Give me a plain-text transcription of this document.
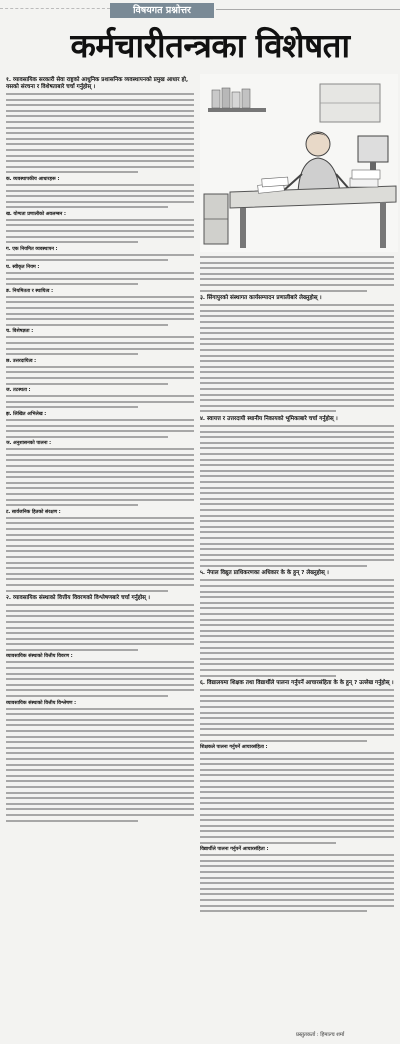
विषयगत प्रश्नोत्तर
कर्मचारीतन्त्रका विशेषता
१. व्यावसायिक सरकारी सेवा राष्ट्रको आधुनिक प्रशासनिक व्यवस्थापनको प्रमुख आधार हो, यसको संरचना र विशेषताबारे चर्चा गर्नुहोस् ।
क. व्यवस्थापकीय आधारहरू :
ख. योग्यता प्रणालीको अवलम्बन :
ग. एक नियमित व्यवस्थापन :
घ. स्वीकृत नियम :
ङ. नियमितता र स्थायित्व :
च. विशेषज्ञता :
छ. उत्तरदायित्व :
ज. तटस्थता :
झ. लिखित अभिलेख :
ञ. अनुशासनको पालना :
ट. सार्वजनिक हितको संरक्षण :
२. व्यावसायिक संस्थाको वित्तीय विवरणको विश्लेषणबारे चर्चा गर्नुहोस् ।
व्यावसायिक संस्थाको वित्तीय विवरण :
व्यावसायिक संस्थाको वित्तीय विश्लेषण :
३. सिंगापुरको संस्थागत कार्यसम्पादन प्रणालीबारे लेख्नुहोस् ।
४. स्वायत्त र उत्तरदायी स्थानीय निकायको भूमिकाबारे चर्चा गर्नुहोस् ।
५. नेपाल विद्युत प्राधिकरणका अधिकार के के हुन् ? लेख्नुहोस् ।
६. विद्यालयमा शिक्षक तथा विद्यार्थीले पालना गर्नुपर्ने आचारसंहिता के के हुन् ? उल्लेख गर्नुहोस् ।
शिक्षकले पालना गर्नुपर्ने आचारसंहिता :
विद्यार्थीले पालना गर्नुपर्ने आचारसंहिता :
प्रस्तुतकर्ता : हिमाल्च शर्मा
